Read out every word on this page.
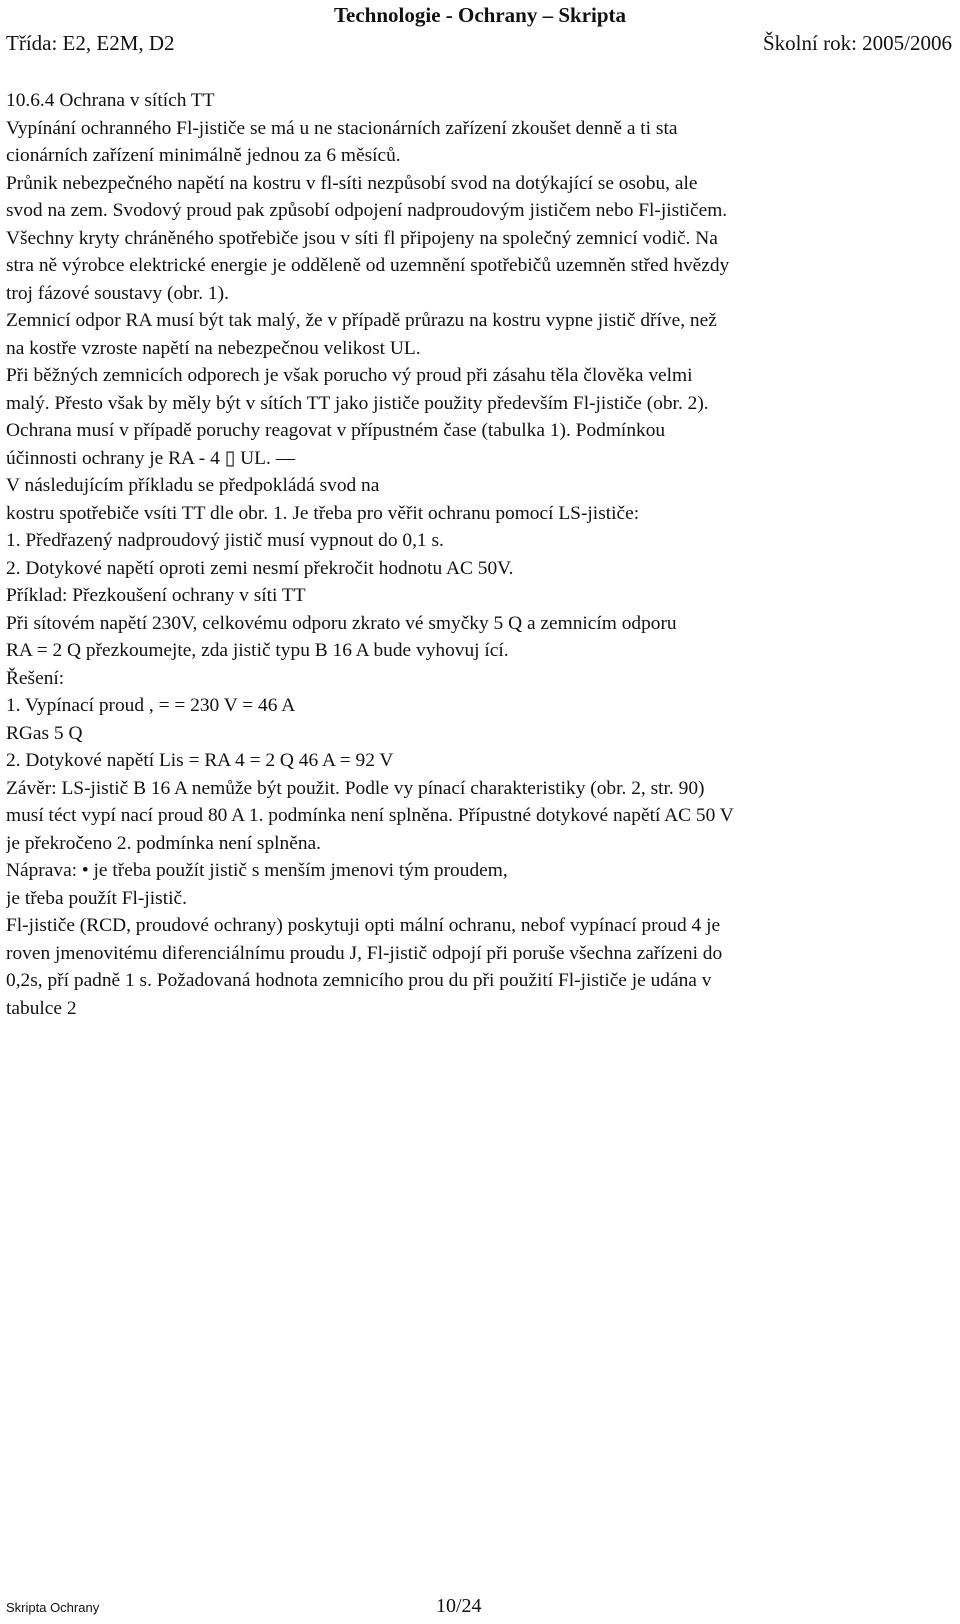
Technologie - Ochrany – Skripta
Třída: E2, E2M, D2	Školní rok: 2005/2006
10.6.4 Ochrana v sítích TT
Vypínání ochranného Fl-jističe se má u ne stacionárních zařízení zkoušet denně a ti sta
cionárních zařízení minimálně jednou za 6 měsíců.
Průnik nebezpečného napětí na kostru v fl-síti nezpůsobí svod na dotýkající se osobu, ale
svod na zem. Svodový proud pak způsobí odpojení nadproudovým jističem nebo Fl-jističem.
Všechny kryty chráněného spotřebiče jsou v síti fl připojeny na společný zemnicí vodič. Na
stra ně výrobce elektrické energie je odděleně od uzemnění spotřebičů uzemněn střed hvězdy
troj fázové soustavy (obr. 1).
Zemnicí odpor RA musí být tak malý, že v případě průrazu na kostru vypne jistič dříve, než
na kostře vzroste napětí na nebezpečnou velikost UL.
Při běžných zemnicích odporech je však porucho vý proud při zásahu těla člověka velmi
malý. Přesto však by měly být v sítích TT jako jističe použity především Fl-jističe (obr. 2).
Ochrana musí v případě poruchy reagovat v přípustném čase (tabulka 1). Podmínkou
účinnosti ochrany je RA - 4 ▯ UL. —
V následujícím příkladu se předpokládá svod na
kostru spotřebiče vsíti TT dle obr. 1. Je třeba pro věřit ochranu pomocí LS-jističe:
1. Předřazený nadproudový jistič musí vypnout do 0,1 s.
2. Dotykové napětí oproti zemi nesmí překročit hodnotu AC 50V.
Příklad: Přezkoušení ochrany v síti TT
Při sítovém napětí 230V, celkovému odporu zkrato vé smyčky 5 Q a zemnicím odporu
RA = 2 Q přezkoumejte, zda jistič typu B 16 A bude vyhovuj ící.
Řešení:
1. Vypínací proud , = = 230 V = 46 A
RGas 5 Q
2. Dotykové napětí Lis = RA 4 = 2 Q 46 A = 92 V
Závěr: LS-jistič B 16 A nemůže být použit. Podle vy pínací charakteristiky (obr. 2, str. 90)
musí téct vypí nací proud 80 A 1. podmínka není splněna. Přípustné dotykové napětí AC 50 V
je překročeno 2. podmínka není splněna.
Náprava: • je třeba použít jistič s menším jmenovi tým proudem,
je třeba použít Fl-jistič.
Fl-jističe (RCD, proudové ochrany) poskytuji opti mální ochranu, nebof vypínací proud 4 je
roven jmenovitému diferenciálnímu proudu J, Fl-jistič odpojí při poruše všechna zařízeni do
0,2s, pří padně 1 s. Požadovaná hodnota zemnicího prou du při použití Fl-jističe je udána v
tabulce 2
Skripta Ochrany	10/24
